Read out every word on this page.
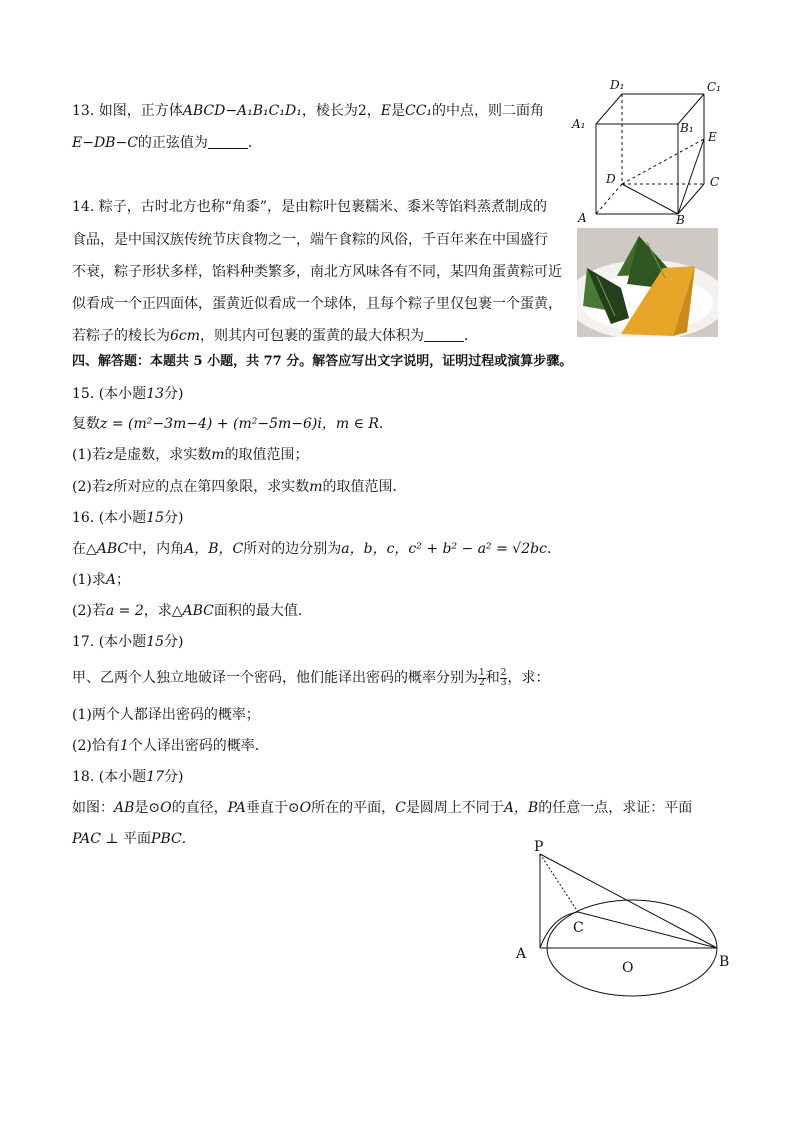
13. 如图，正方体ABCD−A₁B₁C₁D₁，棱长为2，E是CC₁的中点，则二面角
E−DB−C的正弦值为	．
D₁	C₁
A₁	B₁
E
D	C
A	B
14. 粽子，古时北方也称“角黍”，是由粽叶包裹糯米、黍米等馅料蒸煮制成的
食品，是中国汉族传统节庆食物之一，端午食粽的风俗，千百年来在中国盛行
不衰，粽子形状多样，馅料种类繁多，南北方风味各有不同，某四角蛋黄粽可近
似看成一个正四面体，蛋黄近似看成一个球体，且每个粽子里仅包裹一个蛋黄，
若粽子的棱长为6cm，则其内可包裹的蛋黄的最大体积为	．
四、解答题：本题共 5 小题，共 77 分。解答应写出文字说明，证明过程或演算步骤。
15. (本小题13分)
复数z = (m²−3m−4) + (m²−5m−6)i，m ∈ R．
(1)若z是虚数，求实数m的取值范围；
(2)若z所对应的点在第四象限，求实数m的取值范围．
16. (本小题15分)
在△ABC中，内角A，B，C所对的边分别为a，b，c，c² + b² − a² = √2bc．
(1)求A；
(2)若a = 2，求△ABC面积的最大值．
17. (本小题15分)
甲、乙两个人独立地破译一个密码，他们能译出密码的概率分别为 $\frac{1}{2}$ 和 $\frac{2}{3}$ ，求：
(1)两个人都译出密码的概率；
(2)恰有1个人译出密码的概率．
18. (本小题17分)
如图：AB是⊙O的直径，PA垂直于⊙O所在的平面，C是圆周上不同于A，B的任意一点，求证：平面
PAC ⊥ 平面PBC．	P
C
A
O	B
